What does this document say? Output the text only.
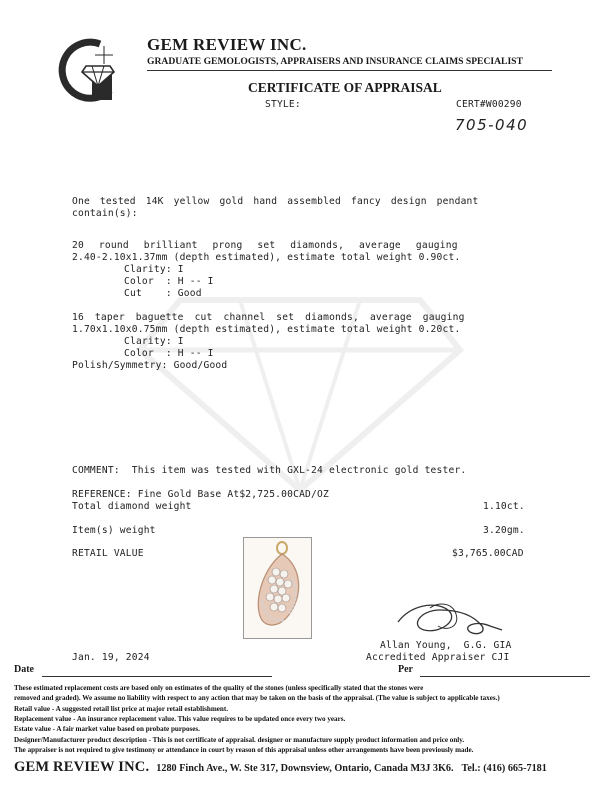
GEM REVIEW INC.
GRADUATE GEMOLOGISTS, APPRAISERS AND INSURANCE CLAIMS SPECIALIST
CERTIFICATE OF APPRAISAL
STYLE:	CERT#W00290
705-040
One tested 14K yellow gold hand assembled fancy design pendant
contain(s):
20 round brilliant prong set diamonds, average gauging
2.40-2.10x1.37mm (depth estimated), estimate total weight 0.90ct.
Clarity: I
Color  : H -- I
Cut    : Good
16 taper baguette cut channel set diamonds, average gauging
1.70x1.10x0.75mm (depth estimated), estimate total weight 0.20ct.
Clarity: I
Color  : H -- I
Polish/Symmetry: Good/Good
COMMENT:  This item was tested with GXL-24 electronic gold tester.
REFERENCE: Fine Gold Base At$2,725.00CAD/OZ
Total diamond weight	1.10ct.
Item(s) weight	3.20gm.
RETAIL VALUE	$3,765.00CAD
Allan Young,  G.G. GIA
Accredited Appraiser CJI
Jan. 19, 2024
Date	Per
These estimated replacement costs are based only on estimates of the quality of the stones (unless specifically stated that the stones were
removed and graded). We assume no liability with respect to any action that may be taken on the basis of the appraisal. (The value is subject to applicable taxes.)
Retail value - A suggested retail list price at major retail establishment.
Replacement value - An insurance replacement value. This value requires to be updated once every two years.
Estate value - A fair market value based on probate purposes.
Designer/Manufacturer product description - This is not certificate of appraisal. designer or manufacture supply product information and price only.
The appraiser is not required to give testimony or attendance in court by reason of this appraisal unless other arrangements have been previously made.
GEM REVIEW INC. 1280 Finch Ave., W. Ste 317, Downsview, Ontario, Canada M3J 3K6. Tel.: (416) 665-7181
